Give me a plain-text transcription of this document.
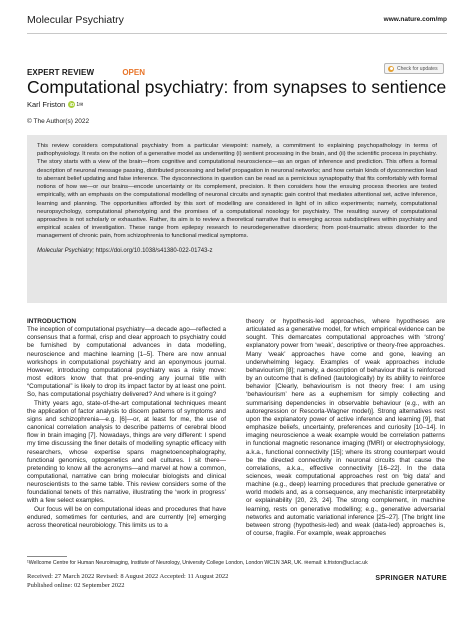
Molecular Psychiatry	www.nature.com/mp
EXPERT REVIEW	OPEN	Check for updates
Computational psychiatry: from synapses to sentience
Karl Friston iD 1✉
© The Author(s) 2022

This review considers computational psychiatry from a particular viewpoint: namely, a commitment to explaining psychopathology in terms of pathophysiology. It rests on the notion of a generative model as underwriting (i) sentient processing in the brain, and (ii) the scientific process in psychiatry. The story starts with a view of the brain—from cognitive and computational neuroscience—as an organ of inference and prediction. This offers a formal description of neuronal message passing, distributed processing and belief propagation in neuronal networks; and how certain kinds of dysconnection lead to aberrant belief updating and false inference. The dysconnections in question can be read as a pernicious synaptopathy that fits comfortably with formal notions of how we—or our brains—encode uncertainty or its complement, precision. It then considers how the ensuing process theories are tested empirically, with an emphasis on the computational modelling of neuronal circuits and synaptic gain control that mediates attentional set, active inference, learning and planning. The opportunities afforded by this sort of modelling are considered in light of in silico experiments; namely, computational neuropsychology, computational phenotyping and the promises of a computational nosology for psychiatry. The resulting survey of computational approaches is not scholarly or exhaustive. Rather, its aim is to review a theoretical narrative that is emerging across subdisciplines within psychiatry and empirical scales of investigation. These range from epilepsy research to neurodegenerative disorders; from post-traumatic stress disorder to the management of chronic pain, from schizophrenia to functional medical symptoms.

Molecular Psychiatry; https://doi.org/10.1038/s41380-022-01743-z
INTRODUCTION

The inception of computational psychiatry—a decade ago—reflected a consensus that a formal, crisp and clear approach to psychiatry could be furnished by computational advances in data modelling, neuroscience and machine learning [1–5]. There are now annual workshops in computational psychiatry and an eponymous journal. However, introducing computational psychiatry was a risky move: most editors know that that pre-ending any journal title with “Computational” is likely to drop its impact factor by at least one point. So, has computational psychiatry delivered? And where is it going?

Thirty years ago, state-of-the-art computational techniques meant the application of factor analysis to discern patterns of symptoms and signs and schizophrenia—e.g. [6]—or, at least for me, the use of canonical correlation analysis to describe patterns of cerebral blood flow in brain imaging [7]. Nowadays, things are very different: I spend my time discussing the finer details of modelling synaptic efficacy with researchers, whose expertise spans magnetoencephalography, functional genomics, optogenetics and cell cultures. I sit there—pretending to know all the acronyms—and marvel at how a common, computational, narrative can bring molecular biologists and clinical neuroscientists to the same table. This review considers some of the foundational tenets of this narrative, illustrating the ‘work in progress’ with a few select examples.

Our focus will be on computational ideas and procedures that have endured, sometimes for centuries, and are currently [re] emerging across theoretical neurobiology. This limits us to a

theory or hypothesis-led approaches, where hypotheses are articulated as a generative model, for which empirical evidence can be sought. This demarcates computational approaches with ‘strong’ explanatory power from ‘weak’, descriptive or theory-free approaches. Many ‘weak’ approaches have come and gone, leaving an underwhelming legacy. Examples of weak approaches include behaviourism [8]; namely, a description of behaviour that is reinforced by an outcome that is defined (tautologically) by its ability to reinforce behavior [Clearly, behaviourism is not theory free: I am using ‘behaviourism’ here as a euphemism for simply collecting and summarising dependencies in observable behaviour (e.g., with an autoregression or Rescorla-Wagner model)]. Strong alternatives rest upon the explanatory power of active inference and learning [9], that emphasize beliefs, uncertainty, preferences and curiosity [10–14]. In imaging neuroscience a weak example would be correlation patterns in functional magnetic resonance imaging (fMRI) or electrophysiology, a.k.a., functional connectivity [15]; where its strong counterpart would be the directed connectivity in neuronal circuits that cause the correlations, a.k.a., effective connectivity [16–22]. In the data sciences, weak computational approaches rest on ‘big data’ and machine (e.g., deep) learning procedures that preclude generative or world models and, as a consequence, any mechanistic interpretability or explainability [20, 23, 24]. The strong complement, in machine learning, rests on generative modelling; e.g., generative adversarial networks and automatic variational inference [25–27]. [The bright line between strong (hypothesis-led) and weak (data-led) approaches is, of course, fragile. For example, weak approaches

¹Wellcome Centre for Human Neuroimaging, Institute of Neurology, University College London, London WC1N 3AR, UK. ✉email: k.friston@ucl.ac.uk
Received: 27 March 2022 Revised: 8 August 2022 Accepted: 11 August 2022
Published online: 02 September 2022
SPRINGER NATURE
